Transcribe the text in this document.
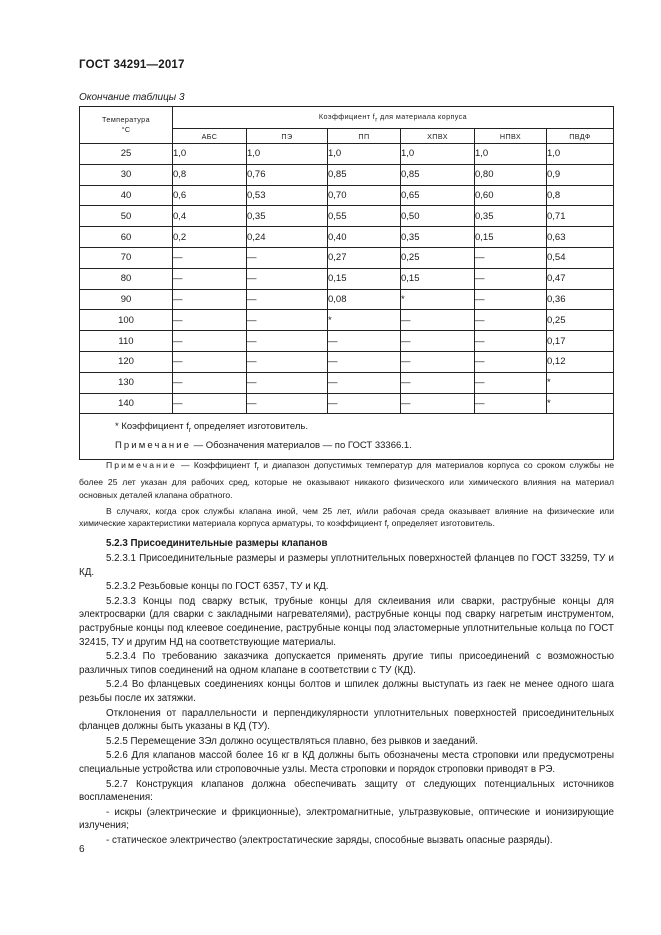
ГОСТ 34291—2017
Окончание таблицы 3
Температура
°С	Коэффициент $f_r$ для материала корпуса					
	АБС	ПЭ	ПП	ХПВХ	НПВХ	ПВДФ
25	1,0	1,0	1,0	1,0	1,0	1,0
30	0,8	0,76	0,85	0,85	0,80	0,9
40	0,6	0,53	0,70	0,65	0,60	0,8
50	0,4	0,35	0,55	0,50	0,35	0,71
60	0,2	0,24	0,40	0,35	0,15	0,63
70	—	—	0,27	0,25	—	0,54
80	—	—	0,15	0,15	—	0,47
90	—	—	0,08	*	—	0,36
100	—	—	*	—	—	0,25
110	—	—	—	—	—	0,17
120	—	—	—	—	—	0,12
130	—	—	—	—	—	*
140	—	—	—	—	—	*

* Коэффициент $f_r$ определяет изготовитель.
Примечание — Обозначения материалов — по ГОСТ 33366.1.						

Примечание — Коэффициент $f_r$ и диапазон допустимых температур для материалов корпуса со сроком службы не более 25 лет указан для рабочих сред, которые не оказывают никакого физического или химического влияния на материал основных деталей клапана обратного.

В случаях, когда срок службы клапана иной, чем 25 лет, и/или рабочая среда оказывает влияние на физические или химические характеристики материала корпуса арматуры, то коэффициент $f_r$ определяет изготовитель.

5.2.3 Присоединительные размеры клапанов

5.2.3.1 Присоединительные размеры и размеры уплотнительных поверхностей фланцев по ГОСТ 33259, ТУ и КД.

5.2.3.2 Резьбовые концы по ГОСТ 6357, ТУ и КД.

5.2.3.3 Концы под сварку встык, трубные концы для склеивания или сварки, раструбные концы для электросварки (для сварки с закладными нагревателями), раструбные концы под сварку нагретым инструментом, раструбные концы под клеевое соединение, раструбные концы под эластомерные уплотнительные кольца по ГОСТ 32415, ТУ и другим НД на соответствующие материалы.

5.2.3.4 По требованию заказчика допускается применять другие типы присоединений с возможностью различных типов соединений на одном клапане в соответствии с ТУ (КД).

5.2.4 Во фланцевых соединениях концы болтов и шпилек должны выступать из гаек не менее одного шага резьбы после их затяжки.

Отклонения от параллельности и перпендикулярности уплотнительных поверхностей присоединительных фланцев должны быть указаны в КД (ТУ).

5.2.5 Перемещение ЗЭл должно осуществляться плавно, без рывков и заеданий.

5.2.6 Для клапанов массой более 16 кг в КД должны быть обозначены места строповки или предусмотрены специальные устройства или строповочные узлы. Места строповки и порядок строповки приводят в РЭ.

5.2.7 Конструкция клапанов должна обеспечивать защиту от следующих потенциальных источников воспламенения:

- искры (электрические и фрикционные), электромагнитные, ультразвуковые, оптические и ионизирующие излучения;

- статическое электричество (электростатические заряды, способные вызвать опасные разряды).

6
